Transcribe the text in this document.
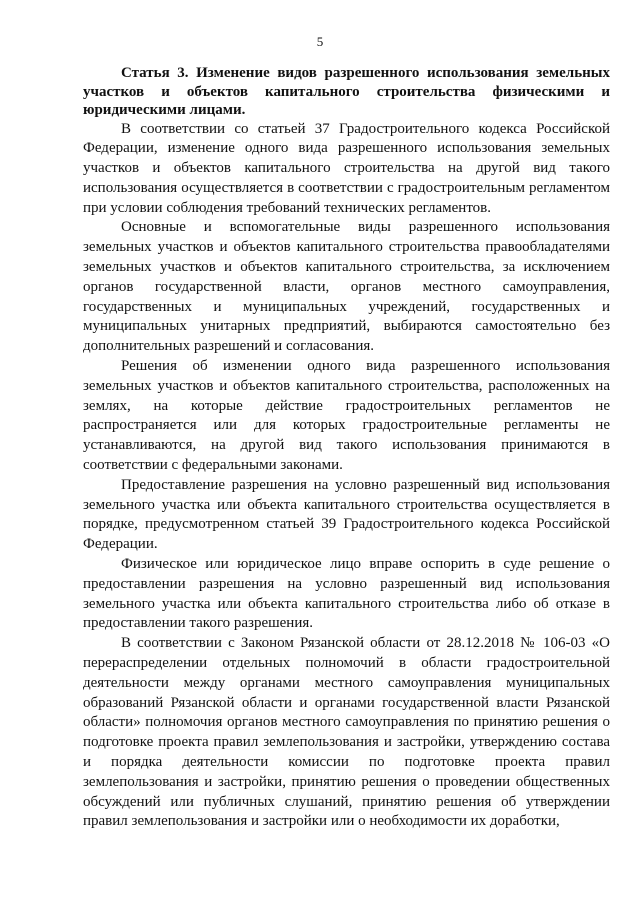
5

Статья 3. Изменение видов разрешенного использования земельных участков и объектов капитального строительства физическими и юридическими лицами.

В соответствии со статьей 37 Градостроительного кодекса Российской Федерации, изменение одного вида разрешенного использования земельных участков и объектов капитального строительства на другой вид такого использования осуществляется в соответствии с градостроительным регламентом при условии соблюдения требований технических регламентов.

Основные и вспомогательные виды разрешенного использования земельных участков и объектов капитального строительства правообладателями земельных участков и объектов капитального строительства, за исключением органов государственной власти, органов местного самоуправления, государственных и муниципальных учреждений, государственных и муниципальных унитарных предприятий, выбираются самостоятельно без дополнительных разрешений и согласования.

Решения об изменении одного вида разрешенного использования земельных участков и объектов капитального строительства, расположенных на землях, на которые действие градостроительных регламентов не распространяется или для которых градостроительные регламенты не устанавливаются, на другой вид такого использования принимаются в соответствии с федеральными законами.

Предоставление разрешения на условно разрешенный вид использования земельного участка или объекта капитального строительства осуществляется в порядке, предусмотренном статьей 39 Градостроительного кодекса Российской Федерации.

Физическое или юридическое лицо вправе оспорить в суде решение о предоставлении разрешения на условно разрешенный вид использования земельного участка или объекта капитального строительства либо об отказе в предоставлении такого разрешения.

В соответствии с Законом Рязанской области от 28.12.2018 № 106-03 «О перераспределении отдельных полномочий в области градостроительной деятельности между органами местного самоуправления муниципальных образований Рязанской области и органами государственной власти Рязанской области» полномочия органов местного самоуправления по принятию решения о подготовке проекта правил землепользования и застройки, утверждению состава и порядка деятельности комиссии по подготовке проекта правил землепользования и застройки, принятию решения о проведении общественных обсуждений или публичных слушаний, принятию решения об утверждении правил землепользования и застройки или о необходимости их доработки,
